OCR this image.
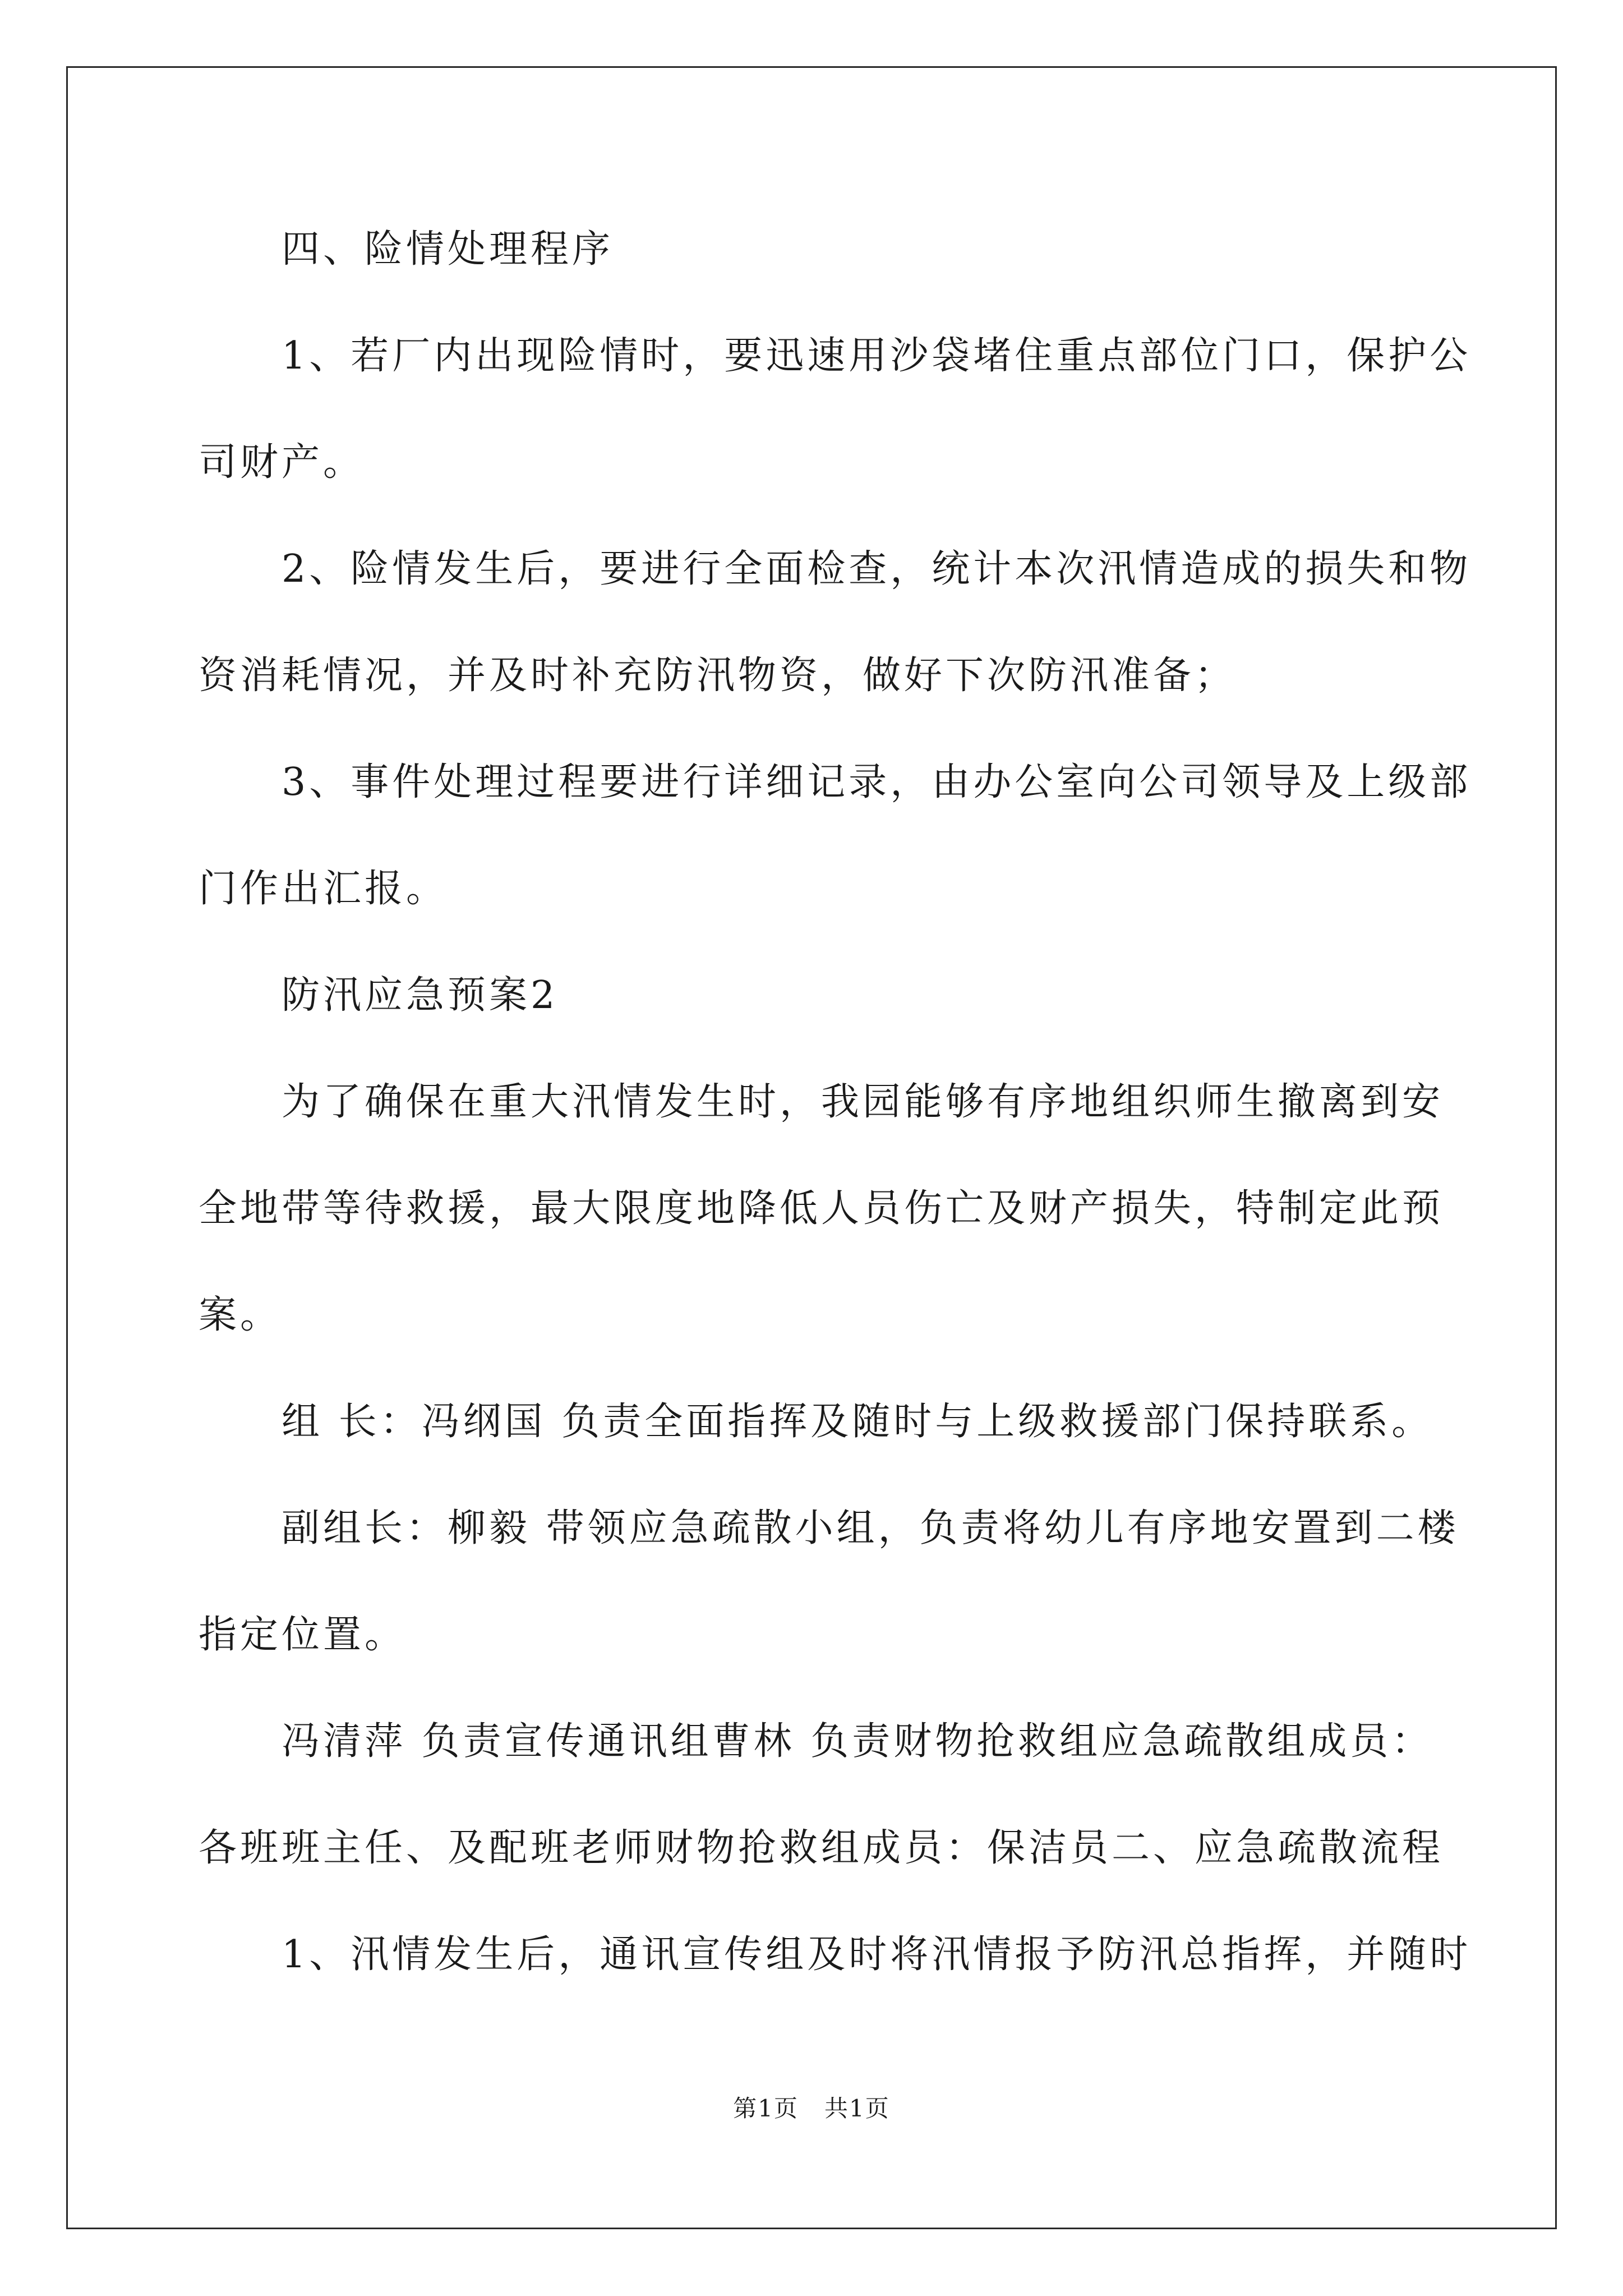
四、险情处理程序
1、若厂内出现险情时，要迅速用沙袋堵住重点部位门口，保护公
司财产。
2、险情发生后，要进行全面检查，统计本次汛情造成的损失和物
资消耗情况，并及时补充防汛物资，做好下次防汛准备；
3、事件处理过程要进行详细记录，由办公室向公司领导及上级部
门作出汇报。
防汛应急预案2
为了确保在重大汛情发生时，我园能够有序地组织师生撤离到安
全地带等待救援，最大限度地降低人员伤亡及财产损失，特制定此预
案。
组 长：冯纲国 负责全面指挥及随时与上级救援部门保持联系。
副组长：柳毅 带领应急疏散小组，负责将幼儿有序地安置到二楼
指定位置。
冯清萍 负责宣传通讯组曹林 负责财物抢救组应急疏散组成员：
各班班主任、及配班老师财物抢救组成员：保洁员二、应急疏散流程
1、汛情发生后，通讯宣传组及时将汛情报予防汛总指挥，并随时
第1页   共1页
